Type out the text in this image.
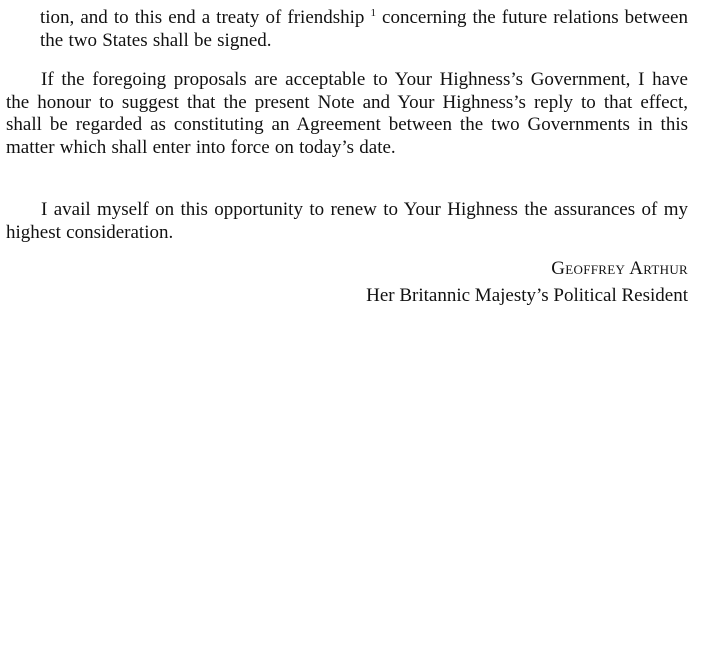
tion, and to this end a treaty of friendship $^1$ concerning the future relations between the two States shall be signed.

If the foregoing proposals are acceptable to Your Highness’s Government, I have the honour to suggest that the present Note and Your Highness’s reply to that effect, shall be regarded as constituting an Agreement between the two Governments in this matter which shall enter into force on today’s date.

I avail myself on this opportunity to renew to Your Highness the assurances of my highest consideration.

Geoffrey Arthur
Her Britannic Majesty’s Political Resident
